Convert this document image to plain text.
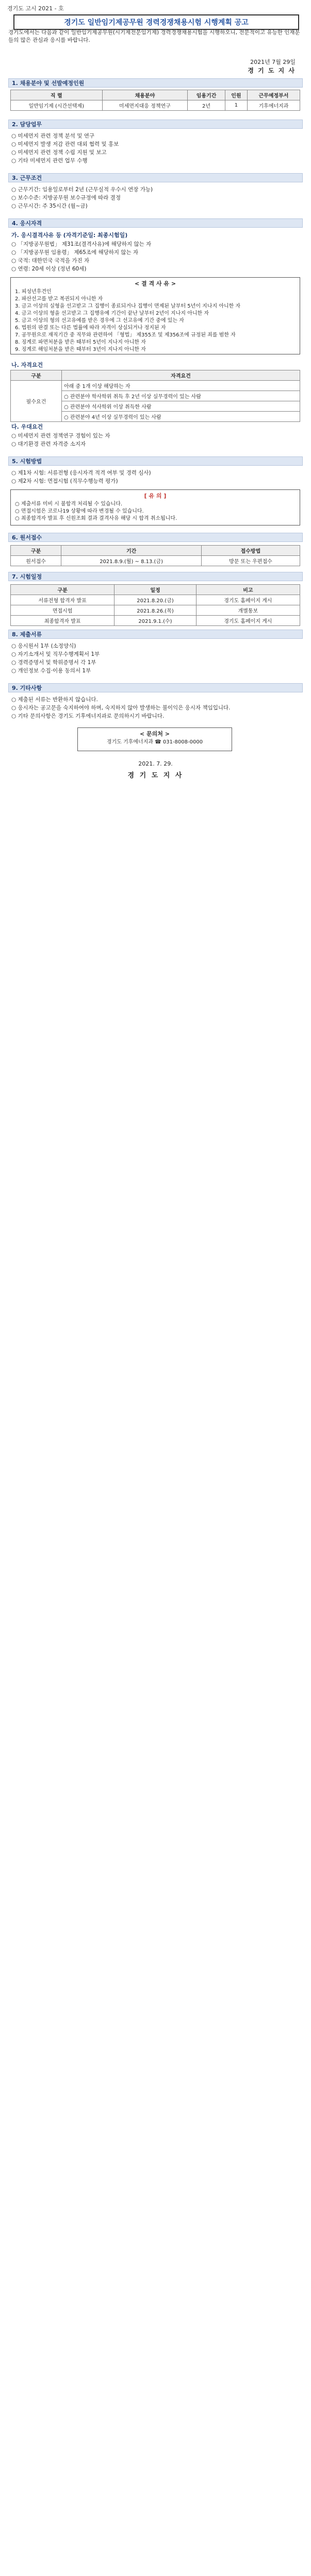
경기도 고시 2021 - 호
경기도 일반임기제공무원 경력경쟁채용시험 시행계획 공고
경기도에서는 다음과 같이 일반임기제공무원(시기제전문임기제) 경력경쟁채용시험을 시행하오니, 전문적이고 유능한 인재분들의 많은 관심과 응시를 바랍니다.
2021년 7월 29일
경 기 도 지 사
1. 채용분야 및 선발예정인원
직 렬	채용분야	임용기간	인원	근무예정부서
일반임기제 (시간선택제)	미세먼지대응 정책연구	2년	1	기후에너지과
2. 담당업무
○ 미세먼지 관련 정책 분석 및 연구
○ 미세먼지 발생 저감 관련 대외 협력 및 홍보
○ 미세먼지 관련 정책 수립 지원 및 보고
○ 기타 미세먼지 관련 업무 수행
3. 근무조건
○ 근무기간: 임용일로부터 2년 (근무실적 우수시 연장 가능)
○ 보수수준: 지방공무원 보수규정에 따라 결정
○ 근무시간: 주 35시간 (월~금)
4. 응시자격
가. 응시결격사유 등 (자격기준일: 최종시험일)
○ 「지방공무원법」 제31조(결격사유)에 해당하지 않는 자
○ 「지방공무원 임용령」 제65조에 해당하지 않는 자
○ 국적: 대한민국 국적을 가진 자
○ 연령: 20세 이상 (정년 60세)
< 결 격 사 유 >
1. 피성년후견인
2. 파산선고를 받고 복권되지 아니한 자
3. 금고 이상의 실형을 선고받고 그 집행이 종료되거나 집행이 면제된 날부터 5년이 지나지 아니한 자
4. 금고 이상의 형을 선고받고 그 집행유예 기간이 끝난 날부터 2년이 지나지 아니한 자
5. 금고 이상의 형의 선고유예를 받은 경우에 그 선고유예 기간 중에 있는 자
6. 법원의 판결 또는 다른 법률에 따라 자격이 상실되거나 정지된 자
7. 공무원으로 재직기간 중 직무와 관련하여 「형법」 제355조 및 제356조에 규정된 죄를 범한 자
8. 징계로 파면처분을 받은 때부터 5년이 지나지 아니한 자
9. 징계로 해임처분을 받은 때부터 3년이 지나지 아니한 자
나. 자격요건
구분	자격요건
필수요건	아래 중 1개 이상 해당하는 자
	○ 관련분야 학사학위 취득 후 2년 이상 실무경력이 있는 사람
	○ 관련분야 석사학위 이상 취득한 사람
	○ 관련분야 4년 이상 실무경력이 있는 사람
다. 우대요건
○ 미세먼지 관련 정책연구 경험이 있는 자
○ 대기환경 관련 자격증 소지자
5. 시험방법
○ 제1차 시험: 서류전형 (응시자격 적격 여부 및 경력 심사)
○ 제2차 시험: 면접시험 (직무수행능력 평가)
[ 유 의 ]
○ 제출서류 미비 시 불합격 처리될 수 있습니다.
○ 면접시험은 코로나19 상황에 따라 변경될 수 있습니다.
○ 최종합격자 발표 후 신원조회 결과 결격사유 해당 시 합격 취소됩니다.
6. 원서접수
구분	기간	접수방법
원서접수	2021.8.9.(월) ~ 8.13.(금)	방문 또는 우편접수
7. 시험일정
구분	일정	비고
서류전형 합격자 발표	2021.8.20.(금)	경기도 홈페이지 게시
면접시험	2021.8.26.(목)	개별통보
최종합격자 발표	2021.9.1.(수)	경기도 홈페이지 게시
8. 제출서류
○ 응시원서 1부 (소정양식)
○ 자기소개서 및 직무수행계획서 1부
○ 경력증명서 및 학위증명서 각 1부
○ 개인정보 수집·이용 동의서 1부
9. 기타사항
○ 제출된 서류는 반환하지 않습니다.
○ 응시자는 공고문을 숙지하여야 하며, 숙지하지 않아 발생하는 불이익은 응시자 책임입니다.
○ 기타 문의사항은 경기도 기후에너지과로 문의하시기 바랍니다.
< 문의처 >
경기도 기후에너지과 ☎ 031-8008-0000
2021. 7. 29.
경 기 도 지 사
